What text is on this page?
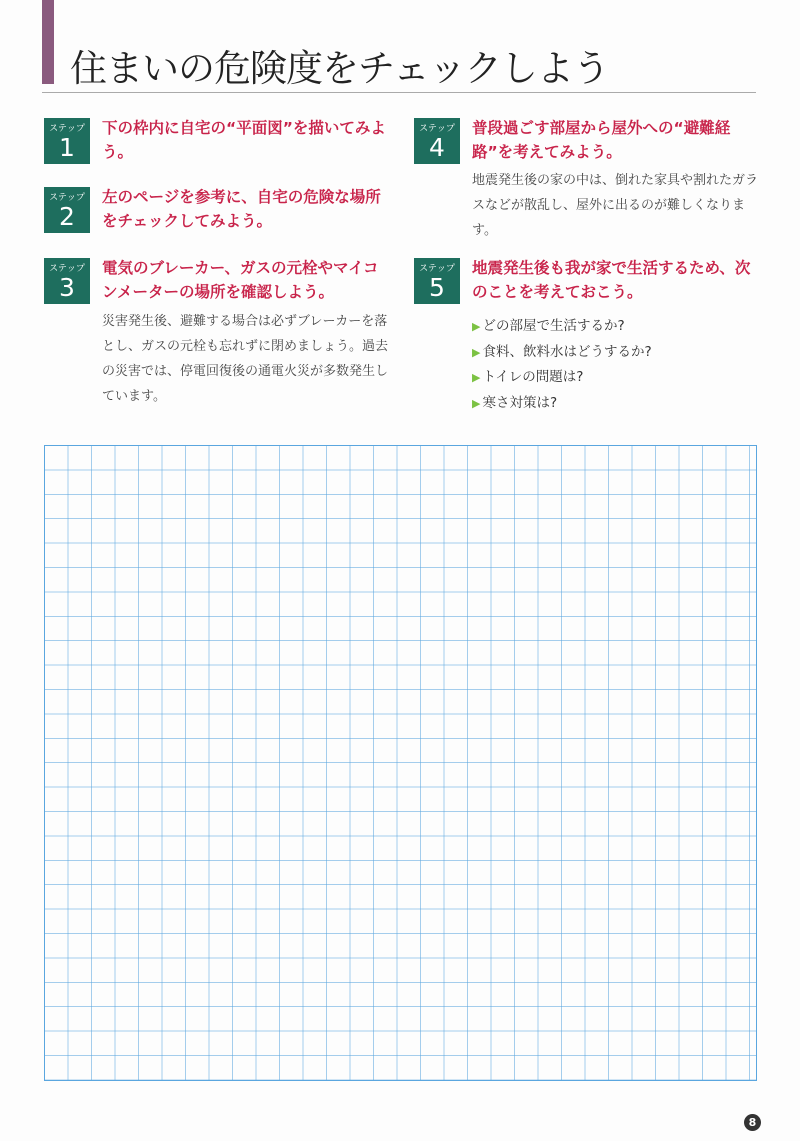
住まいの危険度をチェックしよう
ステップ
1
下の枠内に自宅の“平面図”を描いてみよう。
ステップ
2
左のページを参考に、自宅の危険な場所をチェックしてみよう。
ステップ
3
電気のブレーカー、ガスの元栓やマイコンメーターの場所を確認しよう。
災害発生後、避難する場合は必ずブレーカーを落とし、ガスの元栓も忘れずに閉めましょう。過去の災害では、停電回復後の通電火災が多数発生しています。
ステップ
4
普段過ごす部屋から屋外への“避難経路”を考えてみよう。
地震発生後の家の中は、倒れた家具や割れたガラスなどが散乱し、屋外に出るのが難しくなります。
ステップ
5
地震発生後も我が家で生活するため、次のことを考えておこう。
▶ どの部屋で生活するか?
▶ 食料、飲料水はどうするか?
▶ トイレの問題は?
▶ 寒さ対策は?
8
